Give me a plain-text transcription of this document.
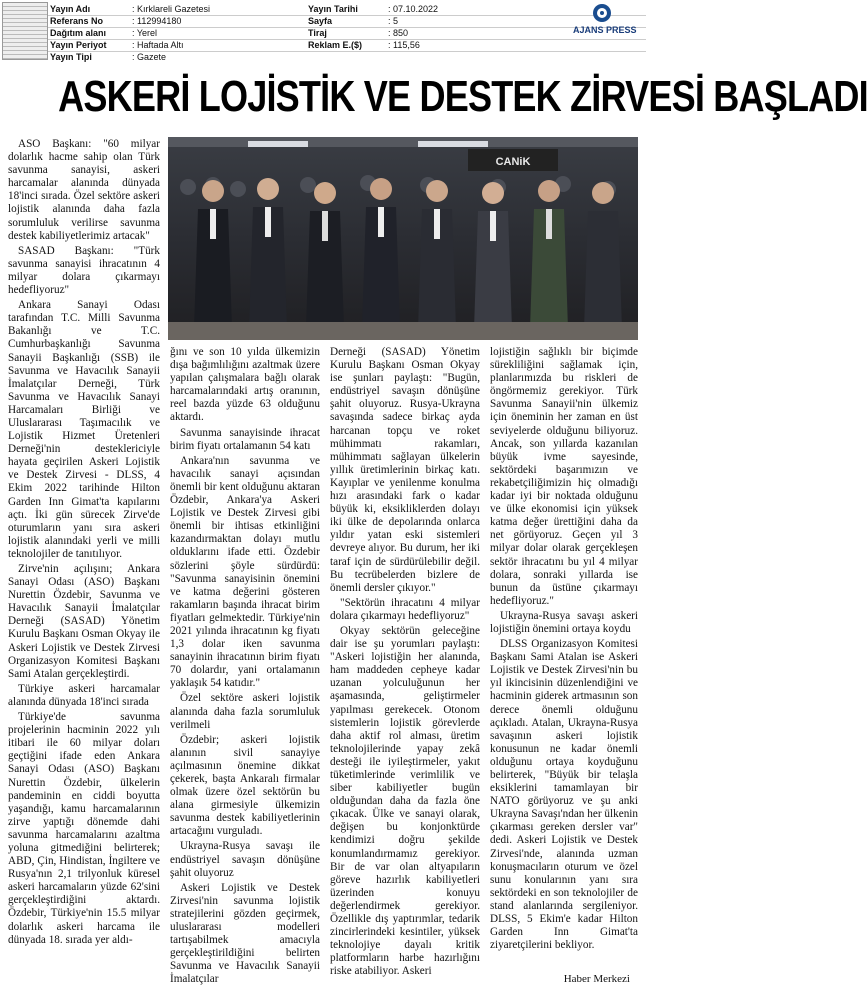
Yayın Adı	: Kırklareli Gazetesi
Referans No	: 112994180
Dağıtım alanı	: Yerel
Yayın Periyot	: Haftada Altı
Yayın Tipi	: Gazete
Yayın Tarihi	: 07.10.2022
Sayfa	: 5
Tiraj	: 850
Reklam E.($)	: 115,56
AJANS PRESS
ASKERİ LOJİSTİK VE DESTEK ZİRVESİ BAŞLADI

ASO Başkanı: "60 milyar dolarlık hacme sahip olan Türk savunma sanayisi, askeri harcamalar alanında dünyada 18'inci sırada. Özel sektöre askeri lojistik alanında daha fazla sorumluluk verilirse savunma destek kabiliyetlerimiz artacak"

SASAD Başkanı: "Türk savunma sanayisi ihracatının 4 milyar dolara çıkarmayı hedefliyoruz"

Ankara Sanayi Odası tarafından T.C. Milli Savunma Bakanlığı ve T.C. Cumhurbaşkanlığı Savunma Sanayii Başkanlığı (SSB) ile Savunma ve Havacılık Sanayii İmalatçılar Derneği, Türk Savunma ve Havacılık Sanayi Harcamaları Birliği ve Uluslararası Taşımacılık ve Lojistik Hizmet Üretenleri Derneği'nin desteklericiyle hayata geçirilen Askeri Lojistik ve Destek Zirvesi - DLSS, 4 Ekim 2022 tarihinde Hilton Garden Inn Gimat'ta kapılarını açtı. İki gün sürecek Zirve'de oturumların yanı sıra askeri lojistik alanındaki yerli ve milli teknolojiler de tanıtılıyor.

Zirve'nin açılışını; Ankara Sanayi Odası (ASO) Başkanı Nurettin Özdebir, Savunma ve Havacılık Sanayii İmalatçılar Derneği (SASAD) Yönetim Kurulu Başkanı Osman Okyay ile Askeri Lojistik ve Destek Zirvesi Organizasyon Komitesi Başkanı Sami Atalan gerçekleştirdi.

Türkiye askeri harcamalar alanında dünyada 18'inci sırada

Türkiye'de savunma projelerinin hacminin 2022 yılı itibari ile 60 milyar doları geçtiğini ifade eden Ankara Sanayi Odası (ASO) Başkanı Nurettin Özdebir, ülkelerin pandeminin en ciddi boyutta yaşandığı, kamu harcamalarının zirve yaptığı dönemde dahi savunma harcamalarını azaltma yoluna gitmediğini belirterek; ABD, Çin, Hindistan, İngiltere ve Rusya'nın 2,1 trilyonluk küresel askeri harcamaların yüzde 62'sini gerçekleştirdiğini aktardı. Özdebir, Türkiye'nin 15.5 milyar dolarlık askeri harcama ile dünyada 18. sırada yer aldı-

CANiK

ğını ve son 10 yılda ülkemizin dışa bağımlılığını azaltmak üzere yapılan çalışmalara bağlı olarak harcamalarındaki artış oranının, reel bazda yüzde 63 olduğunu aktardı.

Savunma sanayisinde ihracat birim fiyatı ortalamanın 54 katı

Ankara'nın savunma ve havacılık sanayi açısından önemli bir kent olduğunu aktaran Özdebir, Ankara'ya Askeri Lojistik ve Destek Zirvesi gibi önemli bir ihtisas etkinliğini kazandırmaktan dolayı mutlu olduklarını ifade etti. Özdebir sözlerini şöyle sürdürdü: "Savunma sanayisinin önemini ve katma değerini gösteren rakamların başında ihracat birim fiyatları gelmektedir. Türkiye'nin 2021 yılında ihracatının kg fiyatı 1,3 dolar iken savunma sanayinin ihracatının birim fiyatı 70 dolardır, yani ortalamanın yaklaşık 54 katıdır."

Özel sektöre askeri lojistik alanında daha fazla sorumluluk verilmeli

Özdebir; askeri lojistik alanının sivil sanayiye açılmasının önemine dikkat çekerek, başta Ankaralı firmalar olmak üzere özel sektörün bu alana girmesiyle ülkemizin savunma destek kabiliyetlerinin artacağını vurguladı.

Ukrayna-Rusya savaşı ile endüstriyel savaşın dönüşüne şahit oluyoruz

Askeri Lojistik ve Destek Zirvesi'nin savunma lojistik stratejilerini gözden geçirmek, uluslararası modelleri tartışabilmek amacıyla gerçekleştirildiğini belirten Savunma ve Havacılık Sanayii İmalatçılar

Derneği (SASAD) Yönetim Kurulu Başkanı Osman Okyay ise şunları paylaştı: "Bugün, endüstriyel savaşın dönüşüne şahit oluyoruz. Rusya-Ukrayna savaşında sadece birkaç ayda harcanan topçu ve roket mühimmatı rakamları, mühimmatı sağlayan ülkelerin yıllık üretimlerinin birkaç katı. Kayıplar ve yenilenme konulma hızı arasındaki fark o kadar büyük ki, eksikliklerden dolayı iki ülke de depolarında onlarca yıldır yatan eski sistemleri devreye alıyor. Bu durum, her iki taraf için de sürdürülebilir değil. Bu tecrübelerden bizlere de önemli dersler çıkıyor."

"Sektörün ihracatını 4 milyar dolara çıkarmayı hedefliyoruz"

Okyay sektörün geleceğine dair ise şu yorumları paylaştı: "Askeri lojistiğin her alanında, ham maddeden cepheye kadar uzanan yolculuğunun her aşamasında, geliştirmeler yapılması gerekecek. Otonom sistemlerin lojistik görevlerde daha aktif rol alması, üretim teknolojilerinde yapay zekâ desteği ile iyileştirmeler, yakıt tüketimlerinde verimlilik ve siber kabiliyetler bugün olduğundan daha da fazla öne çıkacak. Ülke ve sanayi olarak, değişen bu konjonktürde kendimizi doğru şekilde konumlandırmamız gerekiyor. Bir de var olan altyapıların göreve hazırlık kabiliyetleri üzerinden konuyu değerlendirmek gerekiyor. Özellikle dış yaptırımlar, tedarik zincirlerindeki kesintiler, yüksek teknolojiye dayalı kritik platformların harbe hazırlığını riske atabiliyor. Askeri

lojistiğin sağlıklı bir biçimde sürekliliğini sağlamak için, planlarımızda bu riskleri de öngörmemiz gerekiyor. Türk Savunma Sanayii'nin ülkemiz için öneminin her zaman en üst seviyelerde olduğunu biliyoruz. Ancak, son yıllarda kazanılan büyük ivme sayesinde, sektördeki başarımızın ve rekabetçiliğimizin hiç olmadığı kadar iyi bir noktada olduğunu ve ülke ekonomisi için yüksek katma değer ürettiğini daha da net görüyoruz. Geçen yıl 3 milyar dolar olarak gerçekleşen sektör ihracatını bu yıl 4 milyar dolara, sonraki yıllarda ise bunun da üstüne çıkarmayı hedefliyoruz."

Ukrayna-Rusya savaşı askeri lojistiğin önemini ortaya koydu

DLSS Organizasyon Komitesi Başkanı Sami Atalan ise Askeri Lojistik ve Destek Zirvesi'nin bu yıl ikincisinin düzenlendiğini ve hacminin giderek artmasının son derece önemli olduğunu açıkladı. Atalan, Ukrayna-Rusya savaşının askeri lojistik konusunun ne kadar önemli olduğunu ortaya koyduğunu belirterek, "Büyük bir telaşla eksiklerini tamamlayan bir NATO görüyoruz ve şu anki Ukrayna Savaşı'ndan her ülkenin çıkarması gereken dersler var" dedi. Askeri Lojistik ve Destek Zirvesi'nde, alanında uzman konuşmacıların oturum ve özel sunu konularının yanı sıra sektördeki en son teknolojiler de stand alanlarında sergileniyor. DLSS, 5 Ekim'e kadar Hilton Garden Inn Gimat'ta ziyaretçilerini bekliyor.

Haber Merkezi
